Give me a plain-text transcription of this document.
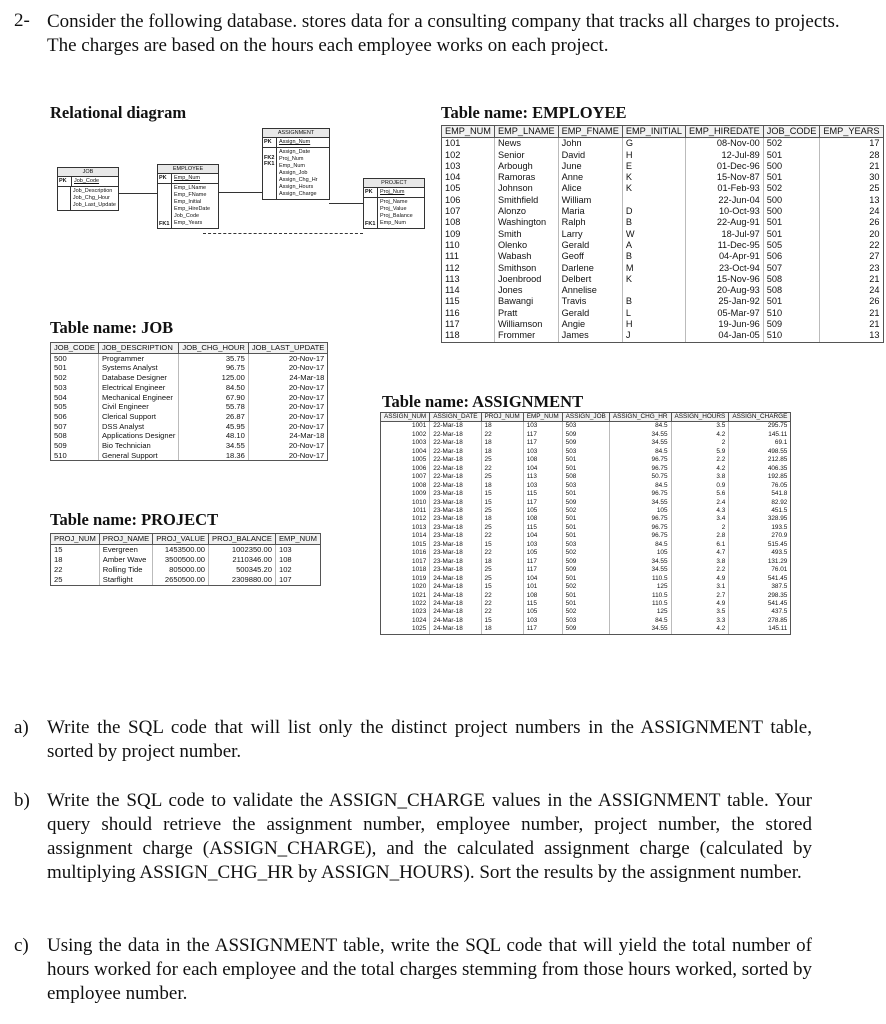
2- Consider the following database. stores data for a consulting company that tracks all charges to projects. The charges are based on the hours each employee works on each project.
Relational diagram
JOB
PK	Job_Code
Job_Description
Job_Chg_Hour
Job_Last_Update
EMPLOYEE
PK	Emp_Num
FK1
Emp_LName
Emp_FName
Emp_Initial
Emp_HireDate
Job_Code
Emp_Years
ASSIGNMENT
PK	Assign_Num

FK2
FK1
Assign_Date
Proj_Num
Emp_Num
Assign_Job
Assign_Chg_Hr
Assign_Hours
Assign_Charge
PROJECT
PK	Proj_Num
FK1
Proj_Name
Proj_Value
Proj_Balance
Emp_Num
Table name: EMPLOYEE
EMP_NUM	EMP_LNAME	EMP_FNAME	EMP_INITIAL	EMP_HIREDATE	JOB_CODE	EMP_YEARS
101	News	John	G	08-Nov-00	502	17
102	Senior	David	H	12-Jul-89	501	28
103	Arbough	June	E	01-Dec-96	500	21
104	Ramoras	Anne	K	15-Nov-87	501	30
105	Johnson	Alice	K	01-Feb-93	502	25
106	Smithfield	William		22-Jun-04	500	13
107	Alonzo	Maria	D	10-Oct-93	500	24
108	Washington	Ralph	B	22-Aug-91	501	26
109	Smith	Larry	W	18-Jul-97	501	20
110	Olenko	Gerald	A	11-Dec-95	505	22
111	Wabash	Geoff	B	04-Apr-91	506	27
112	Smithson	Darlene	M	23-Oct-94	507	23
113	Joenbrood	Delbert	K	15-Nov-96	508	21
114	Jones	Annelise		20-Aug-93	508	24
115	Bawangi	Travis	B	25-Jan-92	501	26
116	Pratt	Gerald	L	05-Mar-97	510	21
117	Williamson	Angie	H	19-Jun-96	509	21
118	Frommer	James	J	04-Jan-05	510	13
Table name: JOB
JOB_CODE	JOB_DESCRIPTION	JOB_CHG_HOUR	JOB_LAST_UPDATE
500	Programmer	35.75	20-Nov-17
501	Systems Analyst	96.75	20-Nov-17
502	Database Designer	125.00	24-Mar-18
503	Electrical Engineer	84.50	20-Nov-17
504	Mechanical Engineer	67.90	20-Nov-17
505	Civil Engineer	55.78	20-Nov-17
506	Clerical Support	26.87	20-Nov-17
507	DSS Analyst	45.95	20-Nov-17
508	Applications Designer	48.10	24-Mar-18
509	Bio Technician	34.55	20-Nov-17
510	General Support	18.36	20-Nov-17
Table name: PROJECT
PROJ_NUM	PROJ_NAME	PROJ_VALUE	PROJ_BALANCE	EMP_NUM
15	Evergreen	1453500.00	1002350.00	103
18	Amber Wave	3500500.00	2110346.00	108
22	Rolling Tide	805000.00	500345.20	102
25	Starflight	2650500.00	2309880.00	107
Table name: ASSIGNMENT
ASSIGN_NUM	ASSIGN_DATE	PROJ_NUM	EMP_NUM	ASSIGN_JOB	ASSIGN_CHG_HR	ASSIGN_HOURS	ASSIGN_CHARGE
1001	22-Mar-18	18	103	503	84.5	3.5	295.75
1002	22-Mar-18	22	117	509	34.55	4.2	145.11
1003	22-Mar-18	18	117	509	34.55	2	69.1
1004	22-Mar-18	18	103	503	84.5	5.9	498.55
1005	22-Mar-18	25	108	501	96.75	2.2	212.85
1006	22-Mar-18	22	104	501	96.75	4.2	406.35
1007	22-Mar-18	25	113	508	50.75	3.8	192.85
1008	22-Mar-18	18	103	503	84.5	0.9	76.05
1009	23-Mar-18	15	115	501	96.75	5.6	541.8
1010	23-Mar-18	15	117	509	34.55	2.4	82.92
1011	23-Mar-18	25	105	502	105	4.3	451.5
1012	23-Mar-18	18	108	501	96.75	3.4	328.95
1013	23-Mar-18	25	115	501	96.75	2	193.5
1014	23-Mar-18	22	104	501	96.75	2.8	270.9
1015	23-Mar-18	15	103	503	84.5	6.1	515.45
1016	23-Mar-18	22	105	502	105	4.7	493.5
1017	23-Mar-18	18	117	509	34.55	3.8	131.29
1018	23-Mar-18	25	117	509	34.55	2.2	76.01
1019	24-Mar-18	25	104	501	110.5	4.9	541.45
1020	24-Mar-18	15	101	502	125	3.1	387.5
1021	24-Mar-18	22	108	501	110.5	2.7	298.35
1022	24-Mar-18	22	115	501	110.5	4.9	541.45
1023	24-Mar-18	22	105	502	125	3.5	437.5
1024	24-Mar-18	15	103	503	84.5	3.3	278.85
1025	24-Mar-18	18	117	509	34.55	4.2	145.11
a) Write the SQL code that will list only the distinct project numbers in the ASSIGNMENT table, sorted by project number.
b) Write the SQL code to validate the ASSIGN_CHARGE values in the ASSIGNMENT table. Your query should retrieve the assignment number, employee number, project number, the stored assignment charge (ASSIGN_CHARGE), and the calculated assignment charge (calculated by multiplying ASSIGN_CHG_HR by ASSIGN_HOURS). Sort the results by the assignment number.
c) Using the data in the ASSIGNMENT table, write the SQL code that will yield the total number of hours worked for each employee and the total charges stemming from those hours worked, sorted by employee number.
